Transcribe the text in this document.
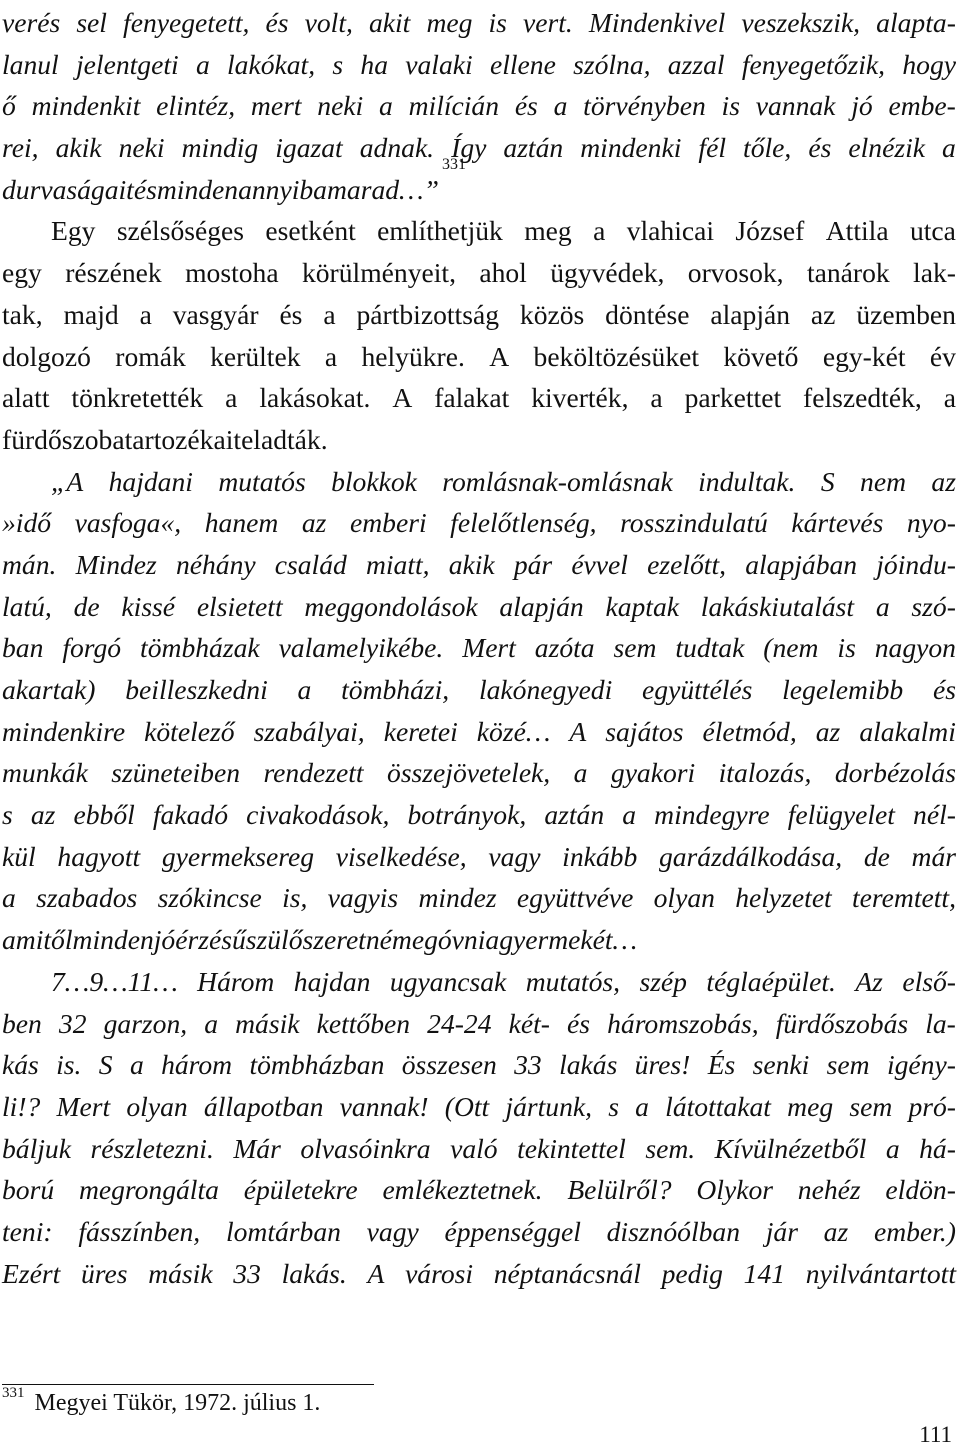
verés sel fenyegetett, és volt, akit meg is vert. Mindenkivel veszekszik, alapta-
lanul jelentgeti a lakókat, s ha valaki ellene szólna, azzal fenyegetőzik, hogy
ő mindenkit elintéz, mert neki a milícián és a törvényben is vannak jó embe-
rei, akik neki mindig igazat adnak. Így aztán mindenki fél tőle, és elnézik a
durvaságait és minden annyiba marad…”
$^{331}$
Egy szélsőséges esetként említhetjük meg a vlahicai József Attila utca
egy részének mostoha körülményeit, ahol ügyvédek, orvosok, tanárok lak-
tak, majd a vasgyár és a pártbizottság közös döntése alapján az üzemben
dolgozó romák kerültek a helyükre. A beköltözésüket követő egy-két év
alatt tönkretették a lakásokat. A falakat kiverték, a parkettet felszedték, a
fürdőszoba tartozékait eladták.
„A hajdani mutatós blokkok romlásnak-omlásnak indultak. S nem az
»idő vasfoga«, hanem az emberi felelőtlenség, rosszindulatú kártevés nyo-
mán. Mindez néhány család miatt, akik pár évvel ezelőtt, alapjában jóindu-
latú, de kissé elsietett meggondolások alapján kaptak lakáskiutalást a szó-
ban forgó tömbházak valamelyikébe. Mert azóta sem tudtak (nem is nagyon
akartak) beilleszkedni a tömbházi, lakónegyedi együttélés legelemibb és
mindenkire kötelező szabályai, keretei közé… A sajátos életmód, az alakalmi
munkák szüneteiben rendezett összejövetelek, a gyakori italozás, dorbézolás
s az ebből fakadó civakodások, botrányok, aztán a mindegyre felügyelet nél-
kül hagyott gyermeksereg viselkedése, vagy inkább garázdálkodása, de már
a szabados szókincse is, vagyis mindez együttvéve olyan helyzetet teremtett,
amitől minden jóérzésű szülő szeretné megóvni a gyermekét…
7…9…11… Három hajdan ugyancsak mutatós, szép téglaépület. Az első-
ben 32 garzon, a másik kettőben 24-24 két- és háromszobás, fürdőszobás la-
kás is. S a három tömbházban összesen 33 lakás üres! És senki sem igény-
li!? Mert olyan állapotban vannak! (Ott jártunk, s a látottakat meg sem pró-
báljuk részletezni. Már olvasóinkra való tekintettel sem. Kívülnézetből a há-
ború megrongálta épületekre emlékeztetnek. Belülről? Olykor nehéz eldön-
teni: fásszínben, lomtárban vagy éppenséggel disznóólban jár az ember.)
Ezért üres másik 33 lakás. A városi néptanácsnál pedig 141 nyilvántartott
$^{331}$ Megyei Tükör, 1972. július 1.
111
